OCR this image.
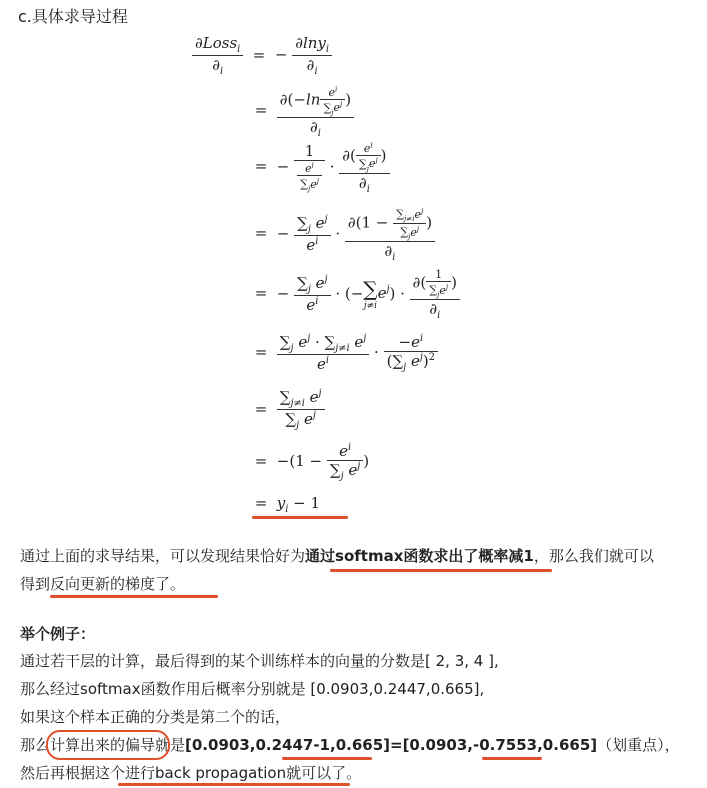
c.具体求导过程
$\frac{\partial Loss_i}{\partial_i}$ = − $\frac{\partial\ln y_i}{\partial_i}$
= $\frac{\partial(-\ln \frac{e^i}{\sum_je^j} )}{\partial_i}$
= − $\frac{1}{\frac{e^i}{\sum_je^j}} \cdot \frac{\partial( \frac{e^i}{\sum_je^j} )}{\partial_i}$
= − $\frac{\sum_j e^j}{e^i} \cdot \frac{\partial(1 - \frac{\sum_{j\ne i}e^j}{\sum_je^j} )}{\partial_i}$
= − $\frac{\sum_j e^j}{e^i}$ · (− ∑
j≠i
$e^j) \cdot \frac{\partial( \frac{1}{\sum_je^j} )}{\partial_i}$
= $\frac{\sum_j e^j \cdot \sum_{j\ne i} e^j}{e^i} \cdot \frac{-e^i}{(\sum_j e^j)^2}$
= $\frac{\sum_{j\ne i} e^j}{\sum_j e^j}$
= $-(1 - \frac{e^i}{\sum_j e^j}$ )
= $y_i - 1$
通过上面的求导结果，可以发现结果恰好为通过softmax函数求出了概率减1，那么我们就可以
得到反向更新的梯度了。
举个例子：
通过若干层的计算，最后得到的某个训练样本的向量的分数是[ 2, 3, 4 ],
那么经过softmax函数作用后概率分别就是 [0.0903,0.2447,0.665],
如果这个样本正确的分类是第二个的话，
那么计算出来的偏导就是[0.0903,0.2447-1,0.665]=[0.0903,-0.7553,0.665]（划重点），
然后再根据这个进行back propagation就可以了。
